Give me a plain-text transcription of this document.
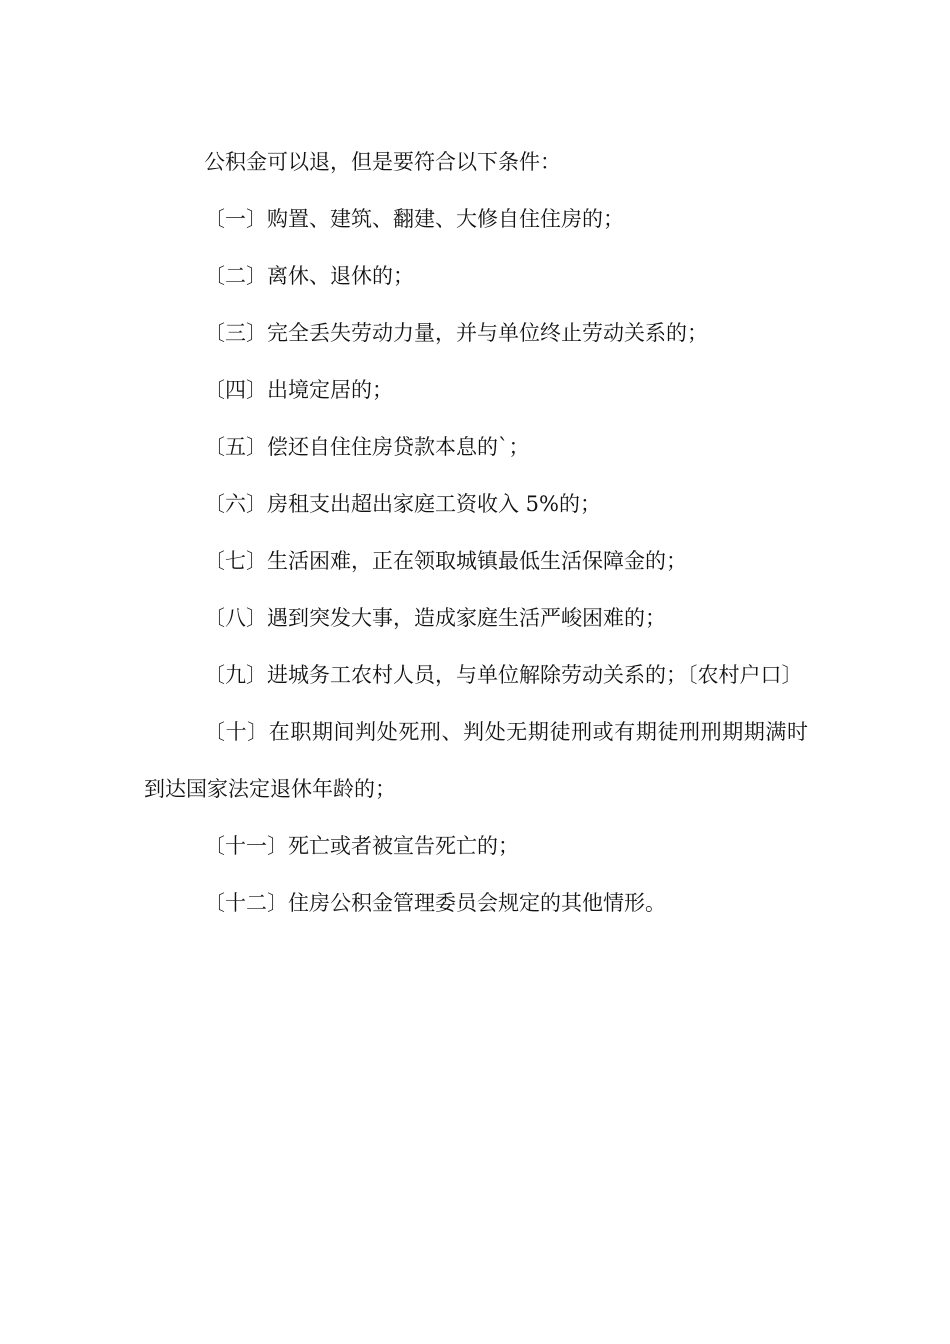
公积金可以退，但是要符合以下条件：

〔一〕购置、建筑、翻建、大修自住住房的；

〔二〕离休、退休的；

〔三〕完全丢失劳动力量，并与单位终止劳动关系的；

〔四〕出境定居的；

〔五〕偿还自住住房贷款本息的`；

〔六〕房租支出超出家庭工资收入 5%的；

〔七〕生活困难，正在领取城镇最低生活保障金的；

〔八〕遇到突发大事，造成家庭生活严峻困难的；

〔九〕进城务工农村人员，与单位解除劳动关系的；〔农村户口〕

〔十〕在职期间判处死刑、判处无期徒刑或有期徒刑刑期期满时到达国家法定退休年龄的；

〔十一〕死亡或者被宣告死亡的；

〔十二〕住房公积金管理委员会规定的其他情形。
